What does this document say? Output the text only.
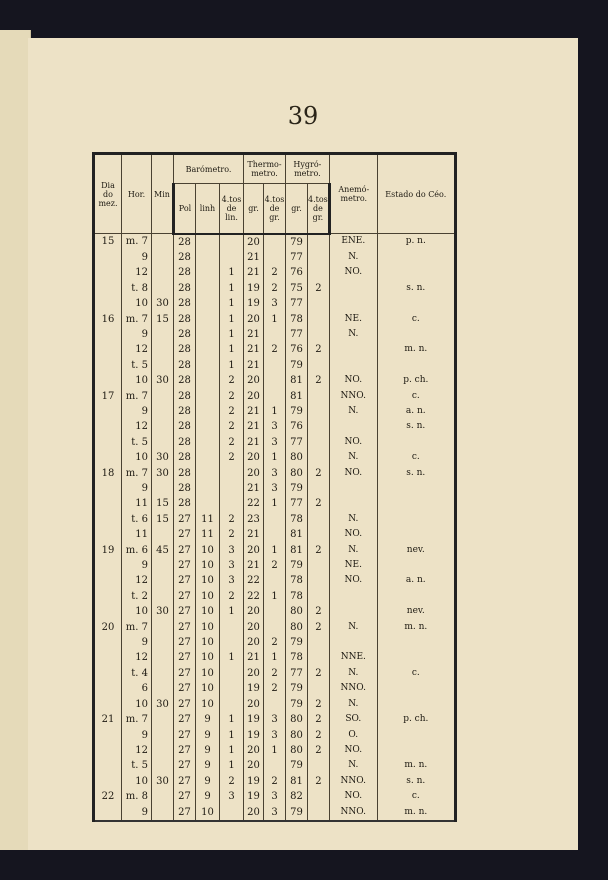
39
Dia do mez.	Hor.	Min	Barómetro.			Thermo-metro.		Hygró-metro.		Anemó-metro.	Estado do Céo.
			Pol	linh	4.tos de lin.	gr.	4.tos de gr.	gr.	4.tos de gr.		
15	m. 7		28			20		79		ENE.	p. n.
	9		28			21		77		N.	
	12		28		1	21	2	76		NO.	
	t. 8		28		1	19	2	75	2		s. n.
	10	30	28		1	19	3	77			
16	m. 7	15	28		1	20	1	78		NE.	c.
	9		28		1	21		77		N.	
	12		28		1	21	2	76	2		m. n.
	t. 5		28		1	21		79			
	10	30	28		2	20		81	2	NO.	p. ch.
17	m. 7		28		2	20		81		NNO.	c.
	9		28		2	21	1	79		N.	a. n.
	12		28		2	21	3	76			s. n.
	t. 5		28		2	21	3	77		NO.	
	10	30	28		2	20	1	80		N.	c.
18	m. 7	30	28			20	3	80	2	NO.	s. n.
	9		28			21	3	79			
	11	15	28			22	1	77	2		
	t. 6	15	27	11	2	23		78		N.	
	11		27	11	2	21		81		NO.	
19	m. 6	45	27	10	3	20	1	81	2	N.	nev.
	9		27	10	3	21	2	79		NE.	
	12		27	10	3	22		78		NO.	a. n.
	t. 2		27	10	2	22	1	78			
	10	30	27	10	1	20		80	2		nev.
20	m. 7		27	10		20		80	2	N.	m. n.
	9		27	10		20	2	79			
	12		27	10	1	21	1	78		NNE.	
	t. 4		27	10		20	2	77	2	N.	c.
	6		27	10		19	2	79		NNO.	
	10	30	27	10		20		79	2	N.	
21	m. 7		27	9	1	19	3	80	2	SO.	p. ch.
	9		27	9	1	19	3	80	2	O.	
	12		27	9	1	20	1	80	2	NO.	
	t. 5		27	9	1	20		79		N.	m. n.
	10	30	27	9	2	19	2	81	2	NNO.	s. n.
22	m. 8		27	9	3	19	3	82		NO.	c.
	9		27	10		20	3	79		NNO.	m. n.
